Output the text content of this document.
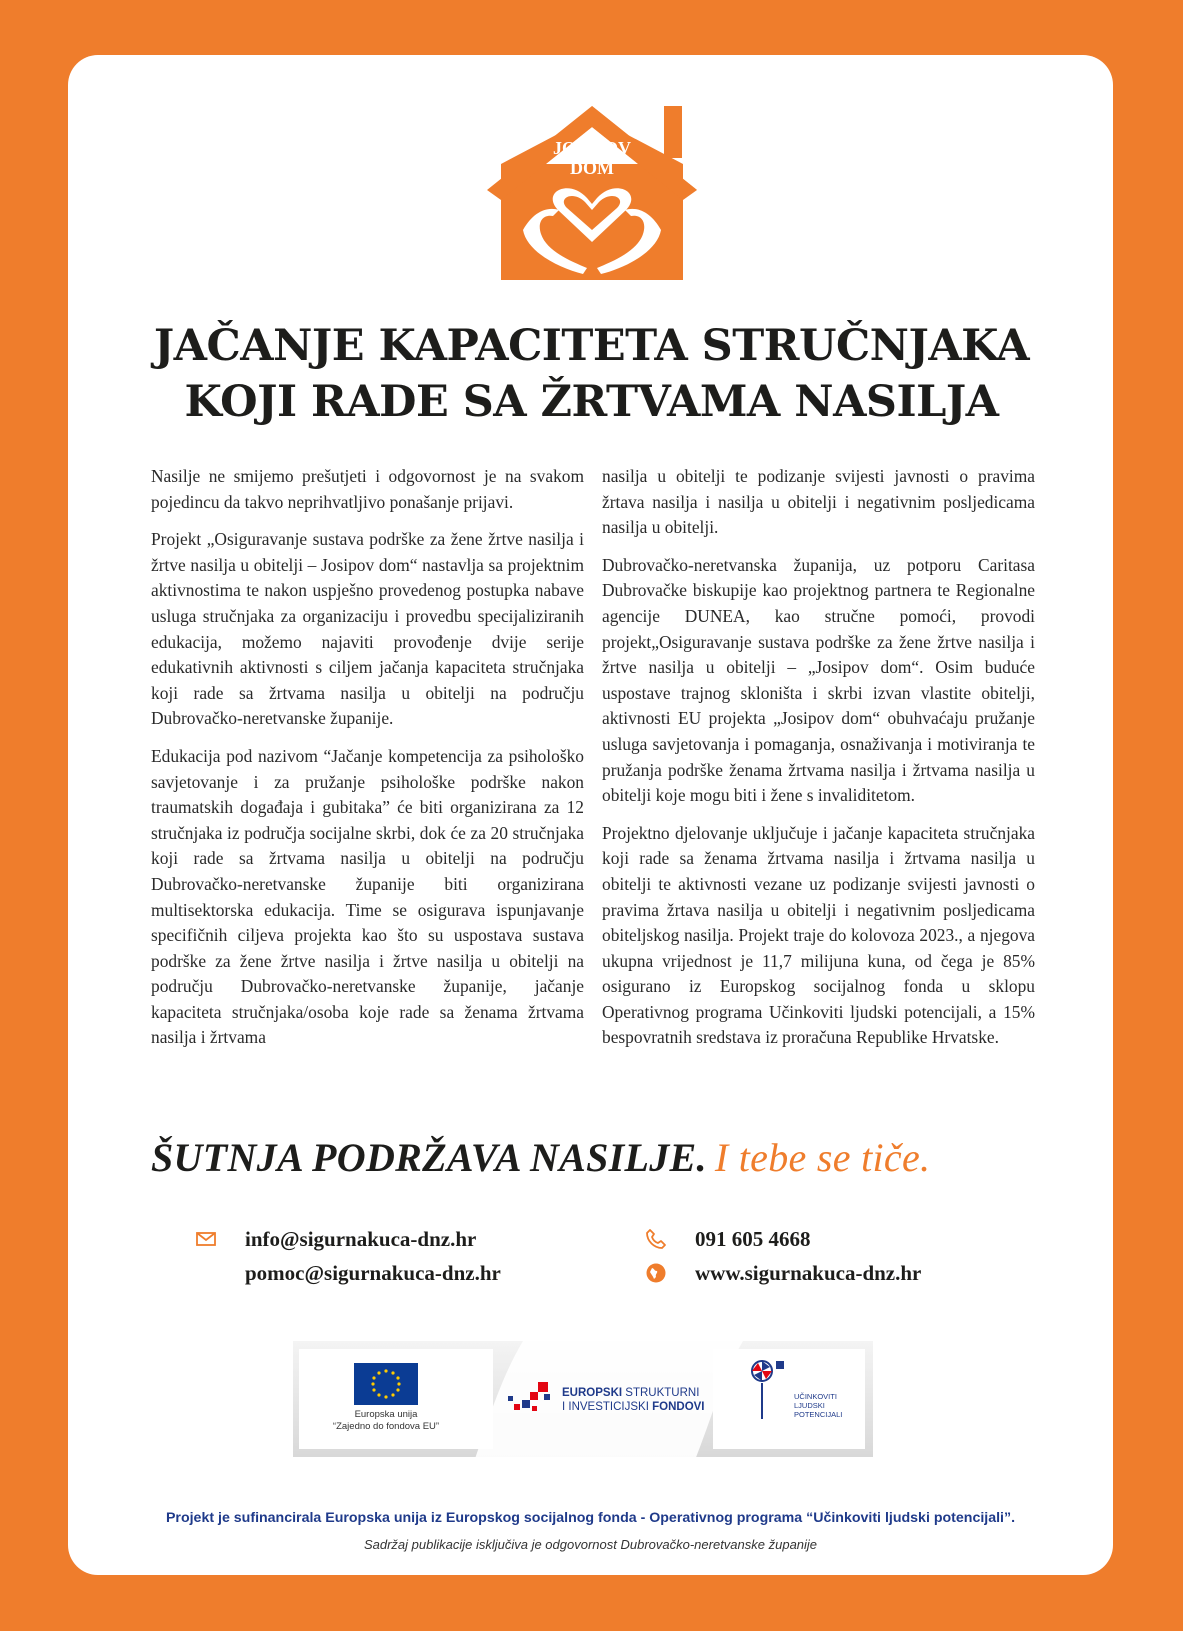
JOSIPOV
DOM
JAČANJE KAPACITETA STRUČNJAKA
KOJI RADE SA ŽRTVAMA NASILJA

Nasilje ne smijemo prešutjeti i odgovornost je na svakom pojedincu da takvo neprihvatljivo ponašanje prijavi.

Projekt „Osiguravanje sustava podrške za žene žrtve nasilja i žrtve nasilja u obitelji – Josipov dom“ nastavlja sa projektnim aktivnostima te nakon uspješno provedenog postupka nabave usluga stručnjaka za organizaciju i provedbu specijaliziranih edukacija, možemo najaviti provođenje dvije serije edukativnih aktivnosti s ciljem jačanja kapaciteta stručnjaka koji rade sa žrtvama nasilja u obitelji na području Dubrovačko-neretvanske županije.

Edukacija pod nazivom “Jačanje kompetencija za psihološko savjetovanje i za pružanje psihološke podrške nakon traumatskih događaja i gubitaka” će biti organizirana za 12 stručnjaka iz područja socijalne skrbi, dok će za 20 stručnjaka koji rade sa žrtvama nasilja u obitelji na području Dubrovačko-neretvanske županije biti organizirana multisektorska edukacija. Time se osigurava ispunjavanje specifičnih ciljeva projekta kao što su uspostava sustava podrške za žene žrtve nasilja i žrtve nasilja u obitelji na području Dubrovačko-neretvanske županije, jačanje kapaciteta stručnjaka/osoba koje rade sa ženama žrtvama nasilja i žrtvama

nasilja u obitelji te podizanje svijesti javnosti o pravima žrtava nasilja i nasilja u obitelji i negativnim posljedicama nasilja u obitelji.

Dubrovačko-neretvanska županija, uz potporu Caritasa Dubrovačke biskupije kao projektnog partnera te Regionalne agencije DUNEA, kao stručne pomoći, provodi projekt„Osiguravanje sustava podrške za žene žrtve nasilja i žrtve nasilja u obitelji – „Josipov dom“. Osim buduće uspostave trajnog skloništa i skrbi izvan vlastite obitelji, aktivnosti EU projekta „Josipov dom“ obuhvaćaju pružanje usluga savjetovanja i pomaganja, osnaživanja i motiviranja te pružanja podrške ženama žrtvama nasilja i žrtvama nasilja u obitelji koje mogu biti i žene s invaliditetom.

Projektno djelovanje uključuje i jačanje kapaciteta stručnjaka koji rade sa ženama žrtvama nasilja i žrtvama nasilja u obitelji te aktivnosti vezane uz podizanje svijesti javnosti o pravima žrtava nasilja u obitelji i negativnim posljedicama obiteljskog nasilja. Projekt traje do kolovoza 2023., a njegova ukupna vrijednost je 11,7 milijuna kuna, od čega je 85% osigurano iz Europskog socijalnog fonda u sklopu Operativnog programa Učinkoviti ljudski potencijali, a 15% bespovratnih sredstava iz proračuna Republike Hrvatske.

ŠUTNJA PODRŽAVA NASILJE. I tebe se tiče.
info@sigurnakuca-dnz.hr
pomoc@sigurnakuca-dnz.hr
091 605 4668
www.sigurnakuca-dnz.hr
Europska unija
“Zajedno do fondova EU”
EUROPSKI STRUKTURNI
I INVESTICIJSKI FONDOVI
UČINKOVITI
LJUDSKI
POTENCIJALI
Projekt je sufinancirala Europska unija iz Europskog socijalnog fonda - Operativnog programa “Učinkoviti ljudski potencijali”.
Sadržaj publikacije isključiva je odgovornost Dubrovačko-neretvanske županije
